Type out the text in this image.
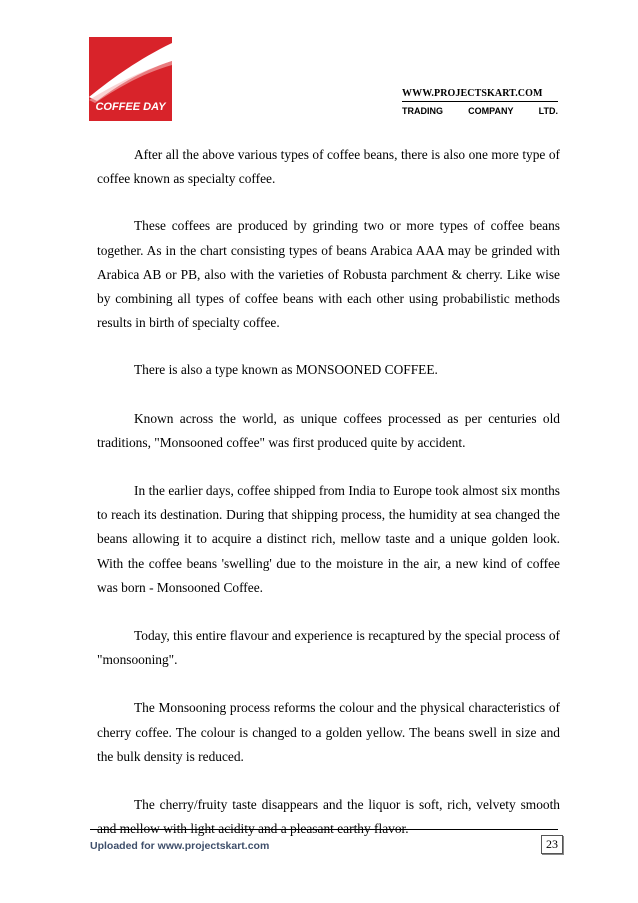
COFFEE DAY
WWW.PROJECTSKART.COM
TRADING	COMPANY	LTD.

After all the above various types of coffee beans, there is also one more type of coffee known as specialty coffee.

These coffees are produced by grinding two or more types of coffee beans together. As in the chart consisting types of beans Arabica AAA may be grinded with Arabica AB or PB, also with the varieties of Robusta parchment & cherry. Like wise by combining all types of coffee beans with each other using probabilistic methods results in birth of specialty coffee.

There is also a type known as MONSOONED COFFEE.

Known across the world, as unique coffees processed as per centuries old traditions, "Monsooned coffee" was first produced quite by accident.

In the earlier days, coffee shipped from India to Europe took almost six months to reach its destination. During that shipping process, the humidity at sea changed the beans allowing it to acquire a distinct rich, mellow taste and a unique golden look. With the coffee beans 'swelling' due to the moisture in the air, a new kind of coffee was born - Monsooned Coffee.

Today, this entire flavour and experience is recaptured by the special process of "monsooning".

The Monsooning process reforms the colour and the physical characteristics of cherry coffee. The colour is changed to a golden yellow. The beans swell in size and the bulk density is reduced.

The cherry/fruity taste disappears and the liquor is soft, rich, velvety smooth and mellow with light acidity and a pleasant earthy flavor.

Uploaded for www.projectskart.com	23
